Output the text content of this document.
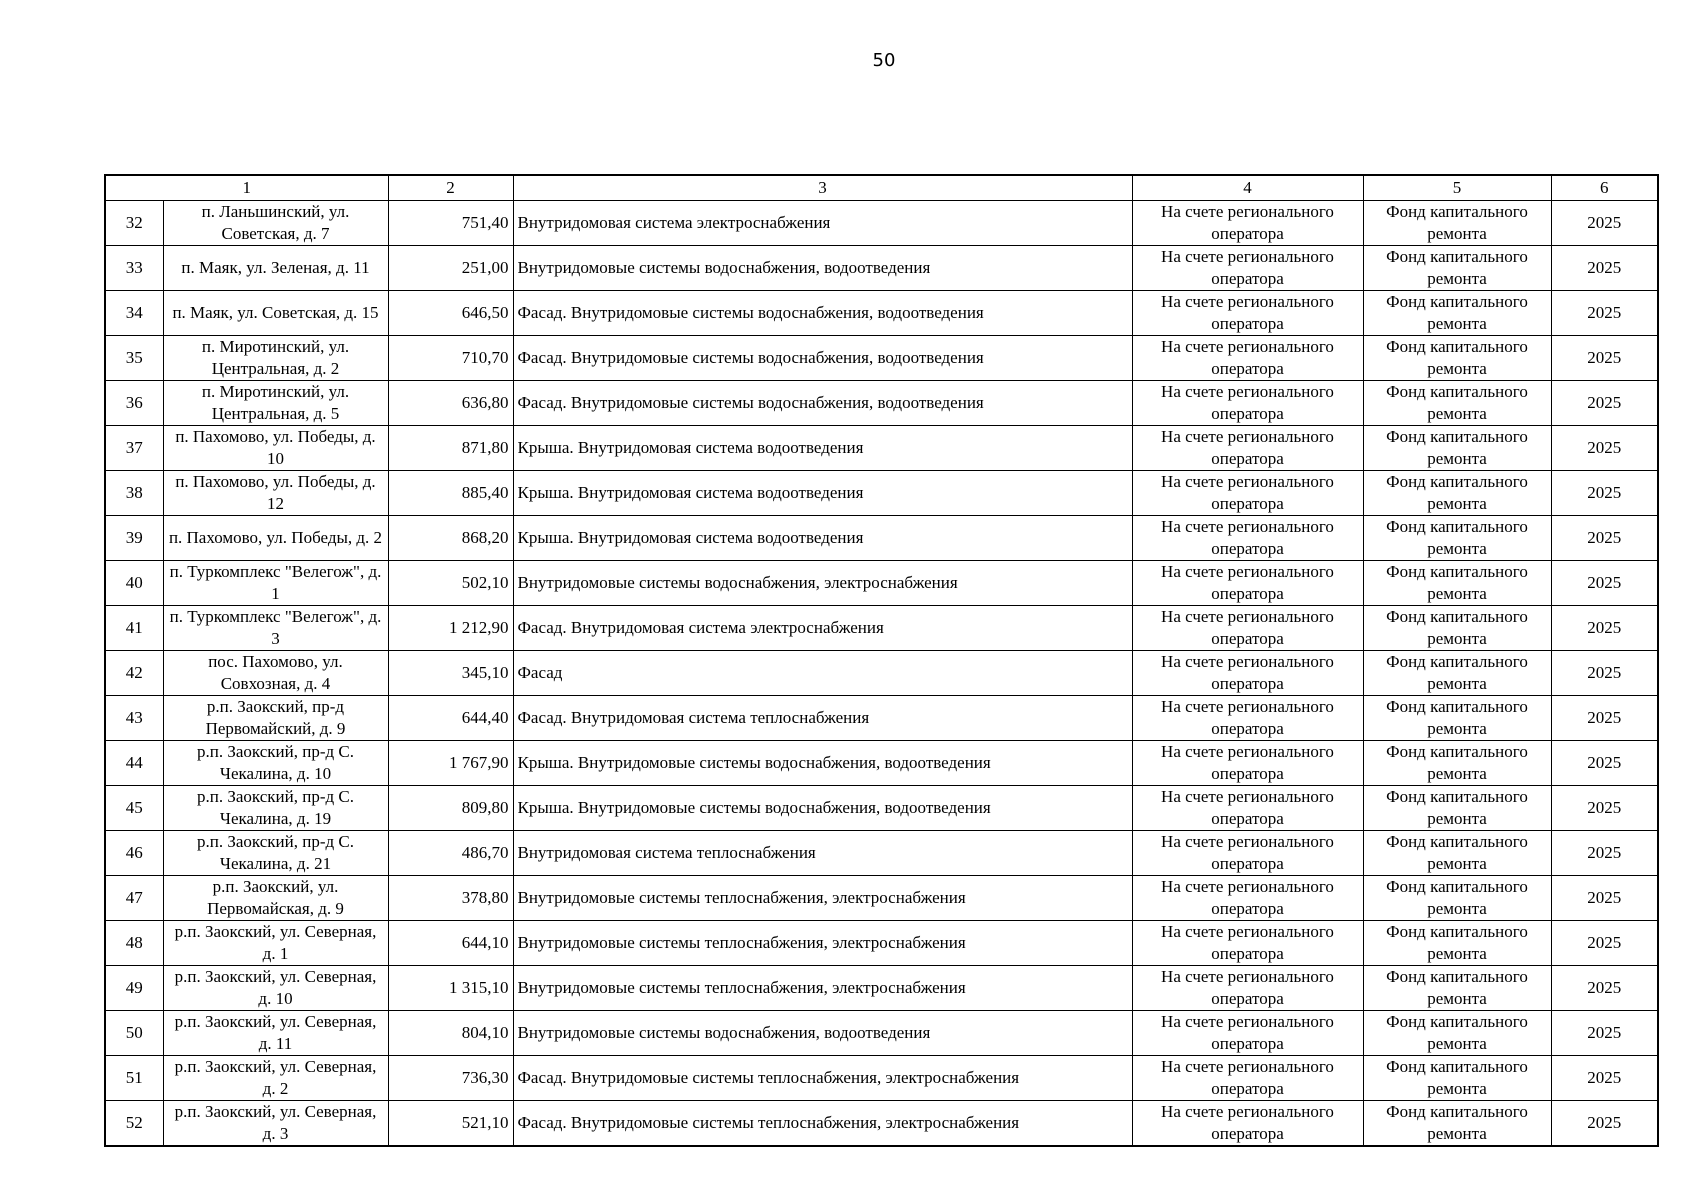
50
1		2	3	4	5	6
32	п. Ланьшинский, ул. Советская, д. 7	751,40	Внутридомовая система электроснабжения	На счете регионального оператора	Фонд капитального ремонта	2025
33	п. Маяк, ул. Зеленая, д. 11	251,00	Внутридомовые системы водоснабжения, водоотведения	На счете регионального оператора	Фонд капитального ремонта	2025
34	п. Маяк, ул. Советская, д. 15	646,50	Фасад. Внутридомовые системы водоснабжения, водоотведения	На счете регионального оператора	Фонд капитального ремонта	2025
35	п. Миротинский, ул. Центральная, д. 2	710,70	Фасад. Внутридомовые системы водоснабжения, водоотведения	На счете регионального оператора	Фонд капитального ремонта	2025
36	п. Миротинский, ул. Центральная, д. 5	636,80	Фасад. Внутридомовые системы водоснабжения, водоотведения	На счете регионального оператора	Фонд капитального ремонта	2025
37	п. Пахомово, ул. Победы, д. 10	871,80	Крыша. Внутридомовая система водоотведения	На счете регионального оператора	Фонд капитального ремонта	2025
38	п. Пахомово, ул. Победы, д. 12	885,40	Крыша. Внутридомовая система водоотведения	На счете регионального оператора	Фонд капитального ремонта	2025
39	п. Пахомово, ул. Победы, д. 2	868,20	Крыша. Внутридомовая система водоотведения	На счете регионального оператора	Фонд капитального ремонта	2025
40	п. Туркомплекс "Велегож", д. 1	502,10	Внутридомовые системы водоснабжения, электроснабжения	На счете регионального оператора	Фонд капитального ремонта	2025
41	п. Туркомплекс "Велегож", д. 3	1 212,90	Фасад. Внутридомовая система электроснабжения	На счете регионального оператора	Фонд капитального ремонта	2025
42	пос. Пахомово, ул. Совхозная, д. 4	345,10	Фасад	На счете регионального оператора	Фонд капитального ремонта	2025
43	р.п. Заокский, пр-д Первомайский, д. 9	644,40	Фасад. Внутридомовая система теплоснабжения	На счете регионального оператора	Фонд капитального ремонта	2025
44	р.п. Заокский, пр-д С. Чекалина, д. 10	1 767,90	Крыша. Внутридомовые системы водоснабжения, водоотведения	На счете регионального оператора	Фонд капитального ремонта	2025
45	р.п. Заокский, пр-д С. Чекалина, д. 19	809,80	Крыша. Внутридомовые системы водоснабжения, водоотведения	На счете регионального оператора	Фонд капитального ремонта	2025
46	р.п. Заокский, пр-д С. Чекалина, д. 21	486,70	Внутридомовая система теплоснабжения	На счете регионального оператора	Фонд капитального ремонта	2025
47	р.п. Заокский, ул. Первомайская, д. 9	378,80	Внутридомовые системы теплоснабжения, электроснабжения	На счете регионального оператора	Фонд капитального ремонта	2025
48	р.п. Заокский, ул. Северная, д. 1	644,10	Внутридомовые системы теплоснабжения, электроснабжения	На счете регионального оператора	Фонд капитального ремонта	2025
49	р.п. Заокский, ул. Северная, д. 10	1 315,10	Внутридомовые системы теплоснабжения, электроснабжения	На счете регионального оператора	Фонд капитального ремонта	2025
50	р.п. Заокский, ул. Северная, д. 11	804,10	Внутридомовые системы водоснабжения, водоотведения	На счете регионального оператора	Фонд капитального ремонта	2025
51	р.п. Заокский, ул. Северная, д. 2	736,30	Фасад. Внутридомовые системы теплоснабжения, электроснабжения	На счете регионального оператора	Фонд капитального ремонта	2025
52	р.п. Заокский, ул. Северная, д. 3	521,10	Фасад. Внутридомовые системы теплоснабжения, электроснабжения	На счете регионального оператора	Фонд капитального ремонта	2025
